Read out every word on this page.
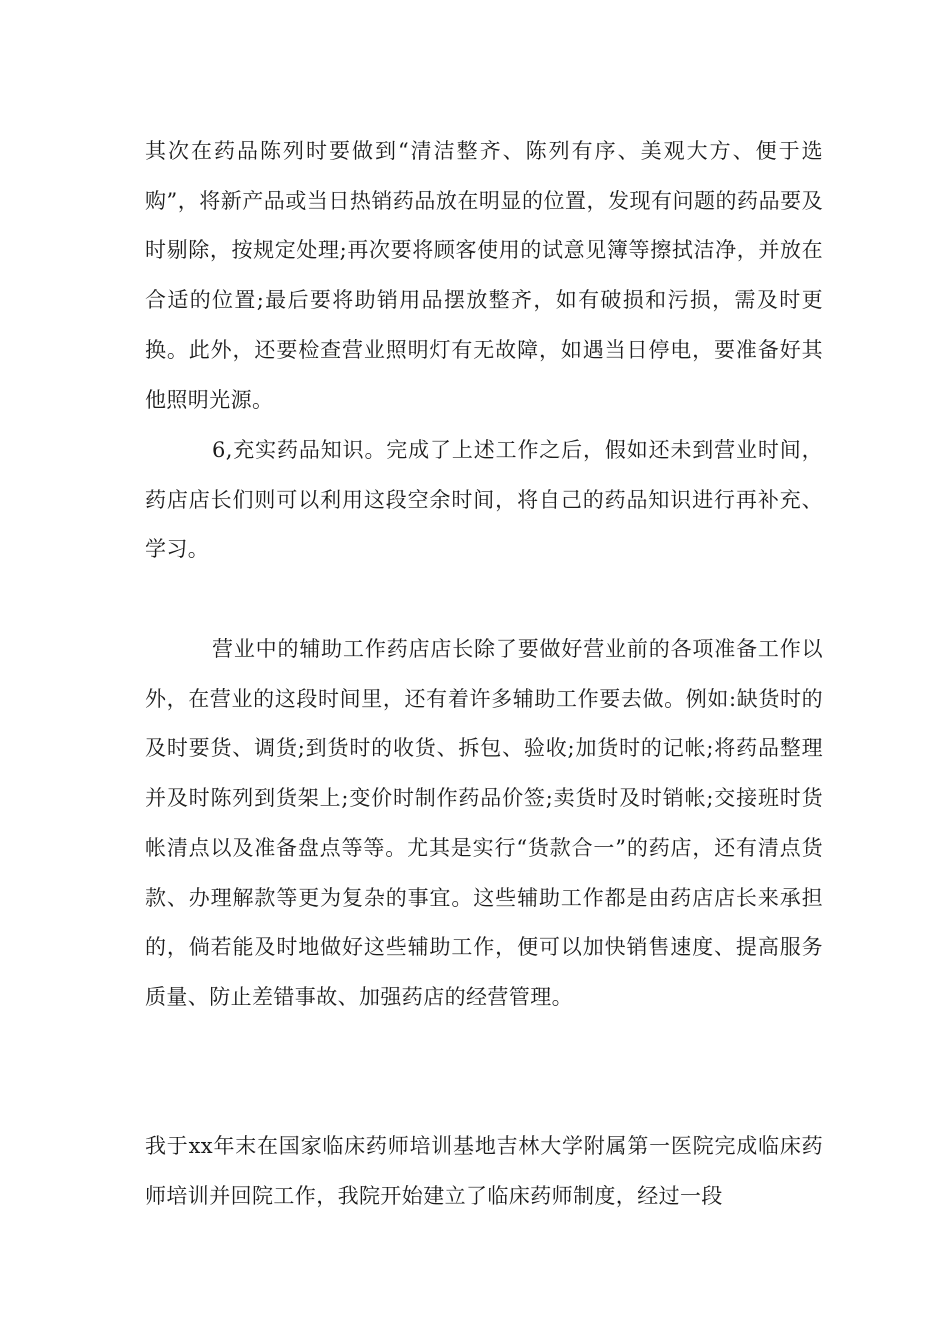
其次在药品陈列时要做到“清洁整齐、陈列有序、美观大方、便于选购”，将新产品或当日热销药品放在明显的位置，发现有问题的药品要及时剔除，按规定处理;再次要将顾客使用的试意见簿等擦拭洁净，并放在合适的位置;最后要将助销用品摆放整齐，如有破损和污损，需及时更换。此外，还要检查营业照明灯有无故障，如遇当日停电，要准备好其他照明光源。

6,充实药品知识。完成了上述工作之后，假如还未到营业时间，药店店长们则可以利用这段空余时间，将自己的药品知识进行再补充、学习。

营业中的辅助工作药店店长除了要做好营业前的各项准备工作以外，在营业的这段时间里，还有着许多辅助工作要去做。例如:缺货时的及时要货、调货;到货时的收货、拆包、验收;加货时的记帐;将药品整理并及时陈列到货架上;变价时制作药品价签;卖货时及时销帐;交接班时货帐清点以及准备盘点等等。尤其是实行“货款合一”的药店，还有清点货款、办理解款等更为复杂的事宜。这些辅助工作都是由药店店长来承担的，倘若能及时地做好这些辅助工作，便可以加快销售速度、提高服务质量、防止差错事故、加强药店的经营管理。

我于xx年末在国家临床药师培训基地吉林大学附属第一医院完成临床药师培训并回院工作，我院开始建立了临床药师制度，经过一段
